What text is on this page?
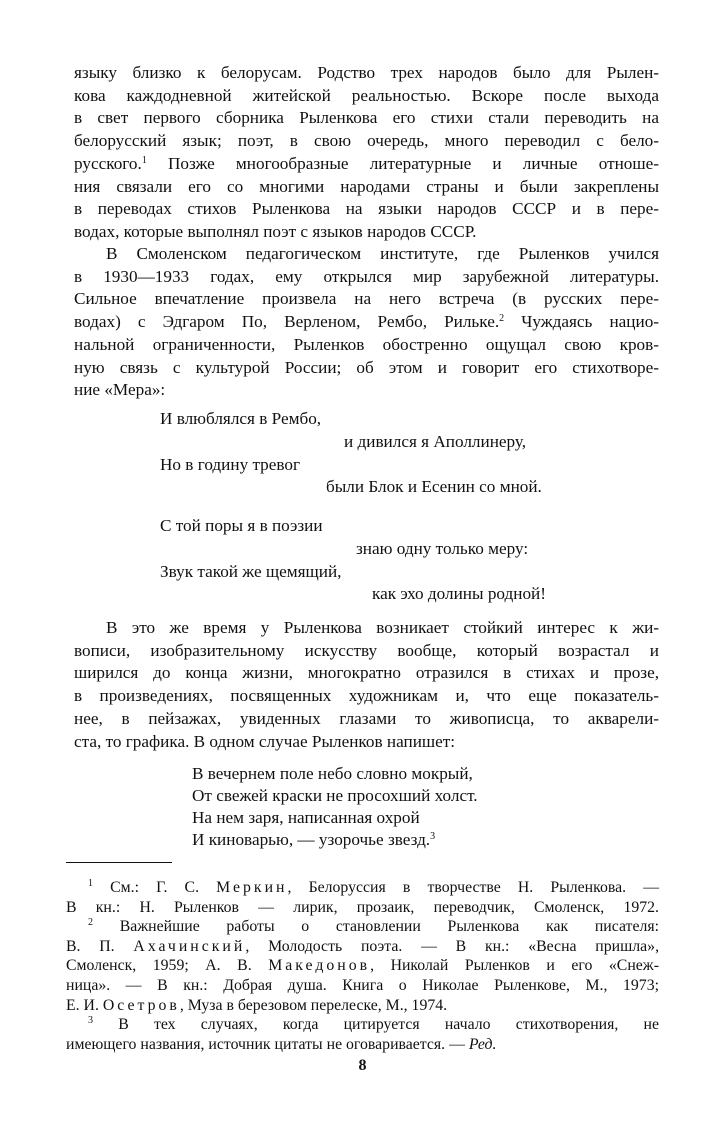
языку близко к белорусам. Родство трех народов было для Рылен-
кова каждодневной житейской реальностью. Вскоре после выхода
в свет первого сборника Рыленкова его стихи стали переводить на
белорусский язык; поэт, в свою очередь, много переводил с бело-
русского.$^1$ Позже многообразные литературные и личные отноше-
ния связали его со многими народами страны и были закреплены
в переводах стихов Рыленкова на языки народов СССР и в пере-
водах, которые выполнял поэт с языков народов СССР.
В Смоленском педагогическом институте, где Рыленков учился
в 1930—1933 годах, ему открылся мир зарубежной литературы.
Сильное впечатление произвела на него встреча (в русских пере-
водах) с Эдгаром По, Верленом, Рембо, Рильке.$^2$ Чуждаясь нацио-
нальной ограниченности, Рыленков обостренно ощущал свою кров-
ную связь с культурой России; об этом и говорит его стихотворе-
ние «Мера»:
И влюблялся в Рембо,
и дивился я Аполлинеру,
Но в годину тревог
были Блок и Есенин со мной.
С той поры я в поэзии
знаю одну только меру:
Звук такой же щемящий,
как эхо долины родной!
В это же время у Рыленкова возникает стойкий интерес к жи-
вописи, изобразительному искусству вообще, который возрастал и
ширился до конца жизни, многократно отразился в стихах и прозе,
в произведениях, посвященных художникам и, что еще показатель-
нее, в пейзажах, увиденных глазами то живописца, то акварели-
ста, то графика. В одном случае Рыленков напишет:
В вечернем поле небо словно мокрый,
От свежей краски не просохший холст.
На нем заря, написанная охрой
И киноварью, — узорочье звезд.$^3$
$^1$ См.: Г. С. Меркин, Белоруссия в творчестве Н. Рыленкова. —
В кн.: Н. Рыленков — лирик, прозаик, переводчик, Смоленск, 1972.
$^2$ Важнейшие работы о становлении Рыленкова как писателя:
В. П. Ахачинский, Молодость поэта. — В кн.: «Весна пришла»,
Смоленск, 1959; А. В. Македонов, Николай Рыленков и его «Снеж-
ница». — В кн.: Добрая душа. Книга о Николае Рыленкове, М., 1973;
Е. И. Осетров, Муза в березовом перелеске, М., 1974.
$^3$ В тех случаях, когда цитируется начало стихотворения, не
имеющего названия, источник цитаты не оговаривается. — Ред.
8
